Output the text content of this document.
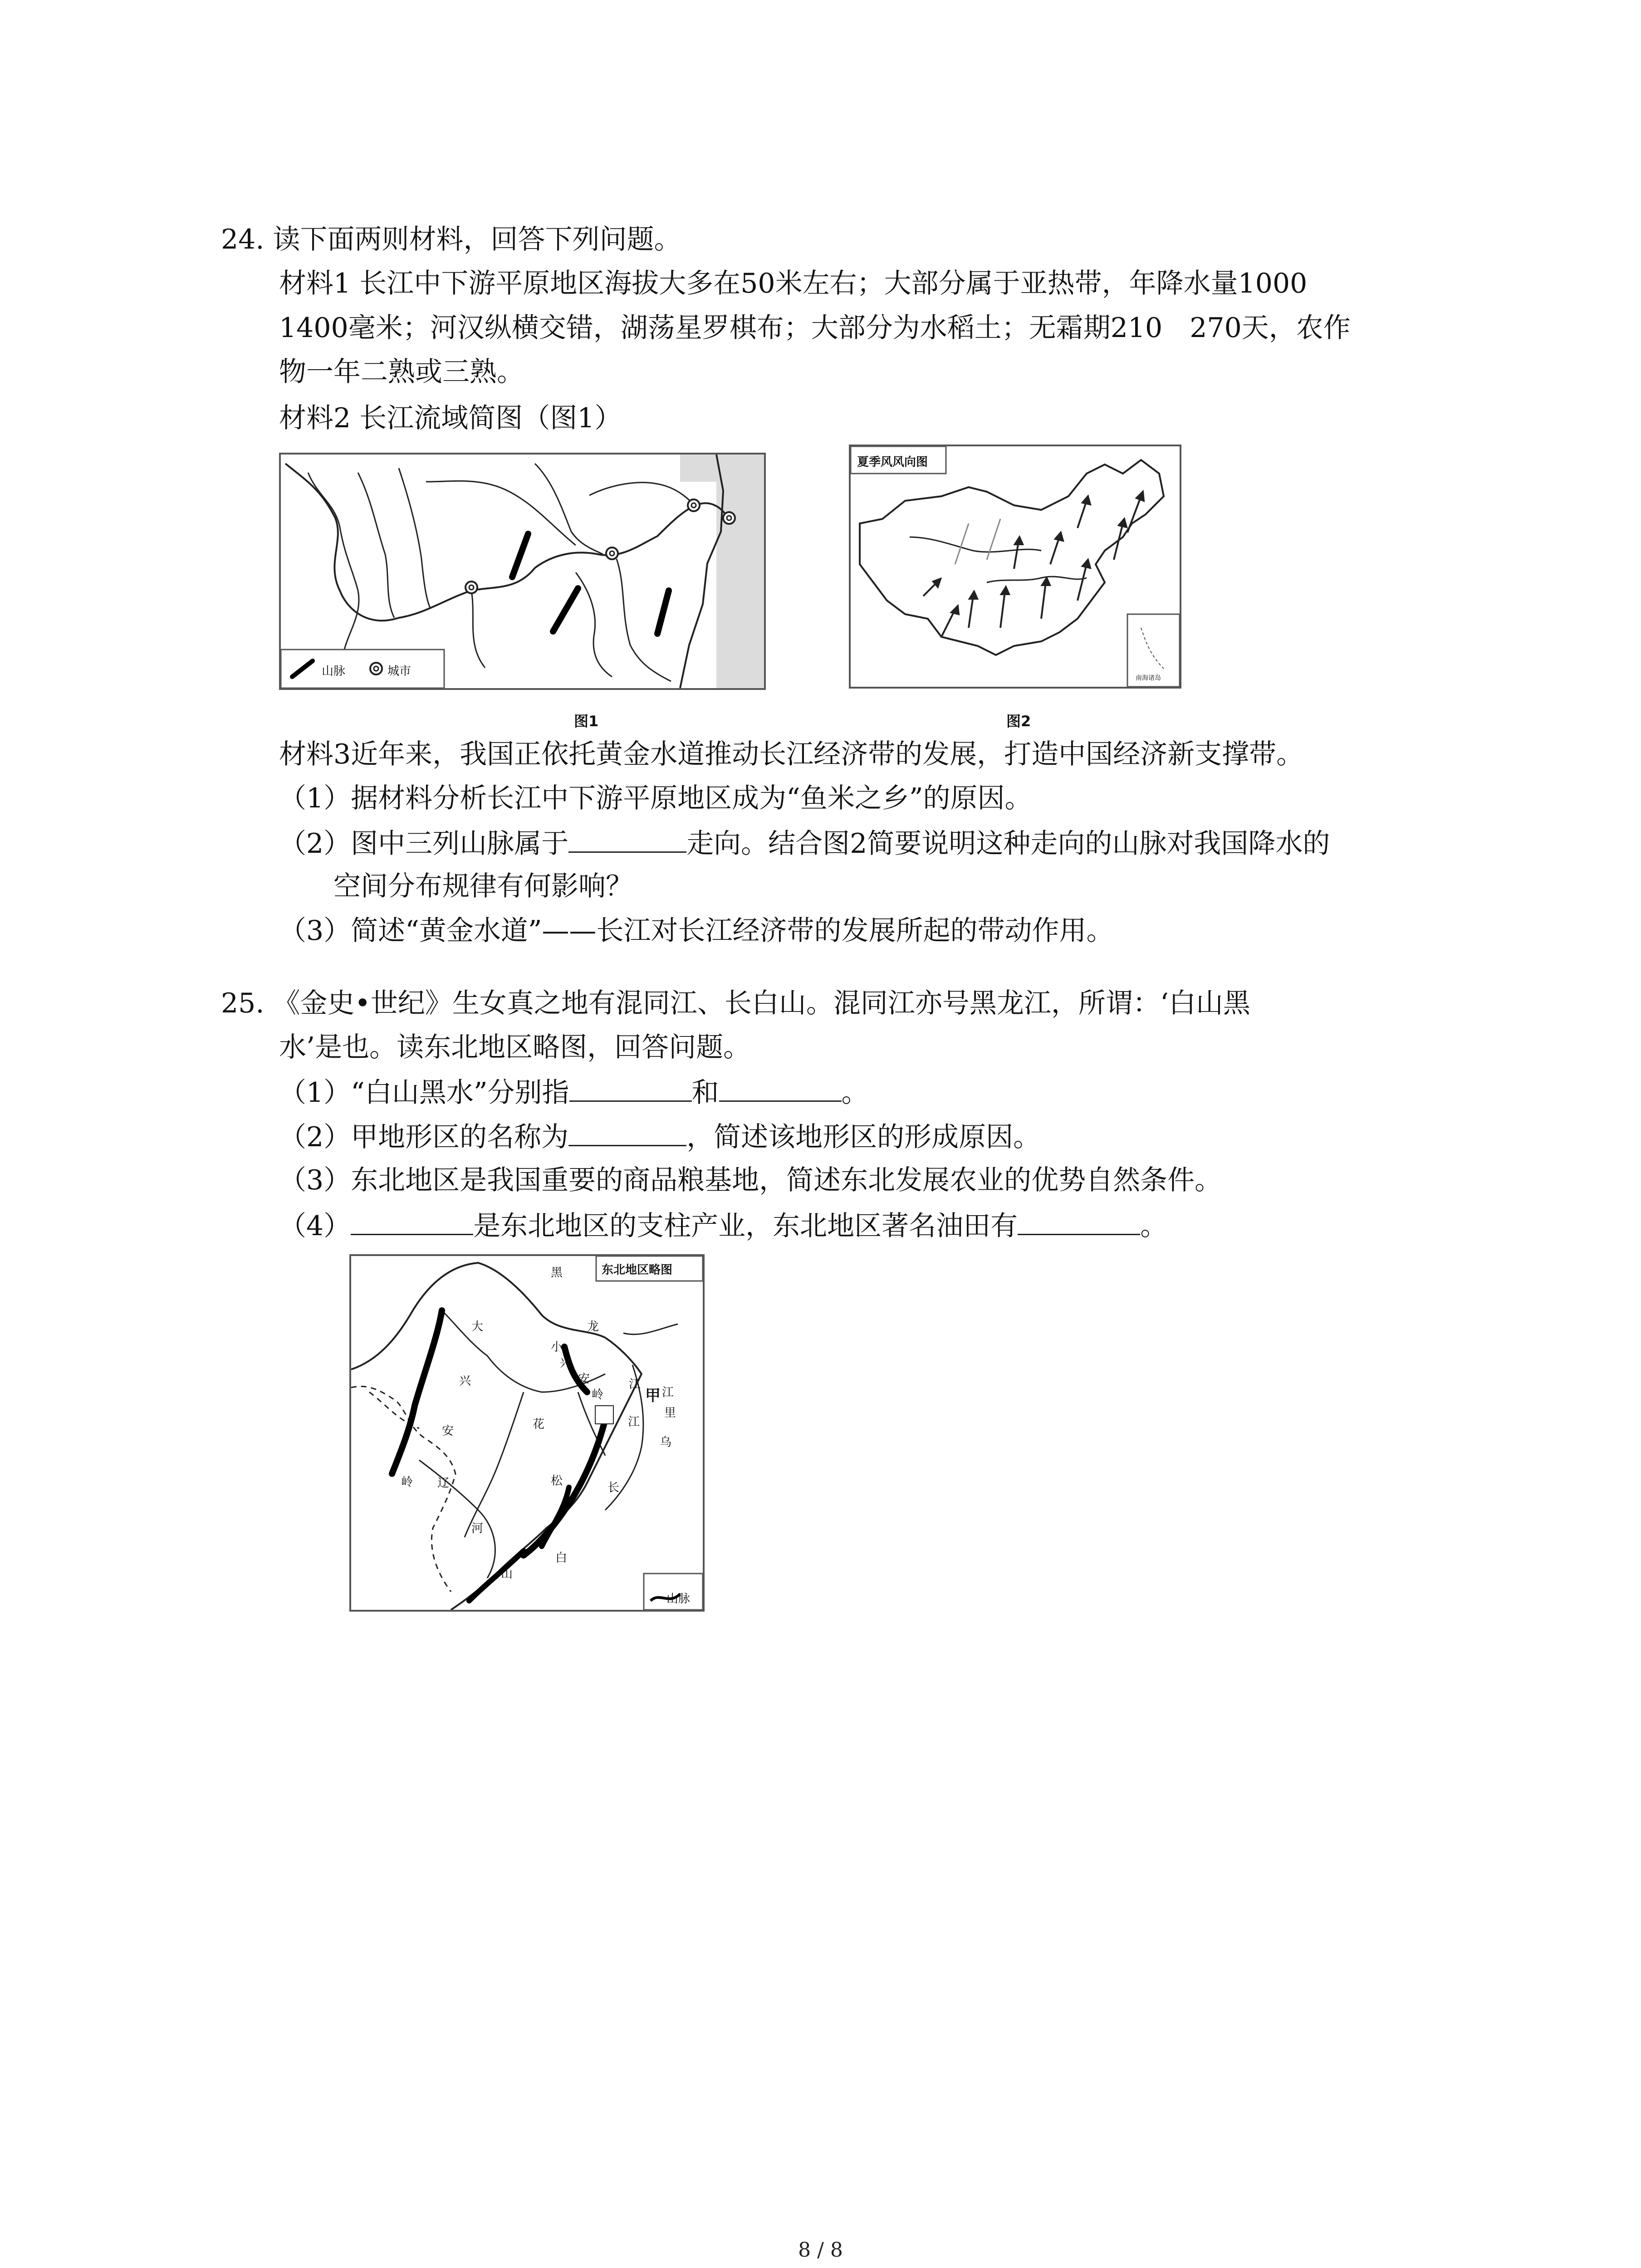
24. 读下面两则材料，回答下列问题。
材料1 长江中下游平原地区海拔大多在50米左右；大部分属于亚热带，年降水量1000
1400毫米；河汉纵横交错，湖荡星罗棋布；大部分为水稻土；无霜期210　270天，农作
物一年二熟或三熟。
材料2 长江流域简图（图1）
山脉	城市
图1
夏季风风向图
南海诸岛
图2
材料3近年来，我国正依托黄金水道推动长江经济带的发展，打造中国经济新支撑带。
（1）据材料分析长江中下游平原地区成为“鱼米之乡”的原因。
（2）图中三列山脉属于	走向。结合图2简要说明这种走向的山脉对我国降水的
空间分布规律有何影响？
（3）简述“黄金水道”——长江对长江经济带的发展所起的带动作用。
25. 《金史•世纪》生女真之地有混同江、长白山。混同江亦号黑龙江，所谓：‘白山黑
水’是也。读东北地区略图，回答问题。
（1）“白山黑水”分别指	和	。
（2）甲地形区的名称为	，简述该地形区的形成原因。
（3）东北地区是我国重要的商品粮基地，简述东北发展农业的优势自然条件。
（4）	是东北地区的支柱产业，东北地区著名油田有	。
东北地区略图
山脉
黑
龙
小
兴
安
岭
大
兴
安
岭
江
江
里
甲
花	江
辽	松
河
长
白
山
乌
8 / 8
